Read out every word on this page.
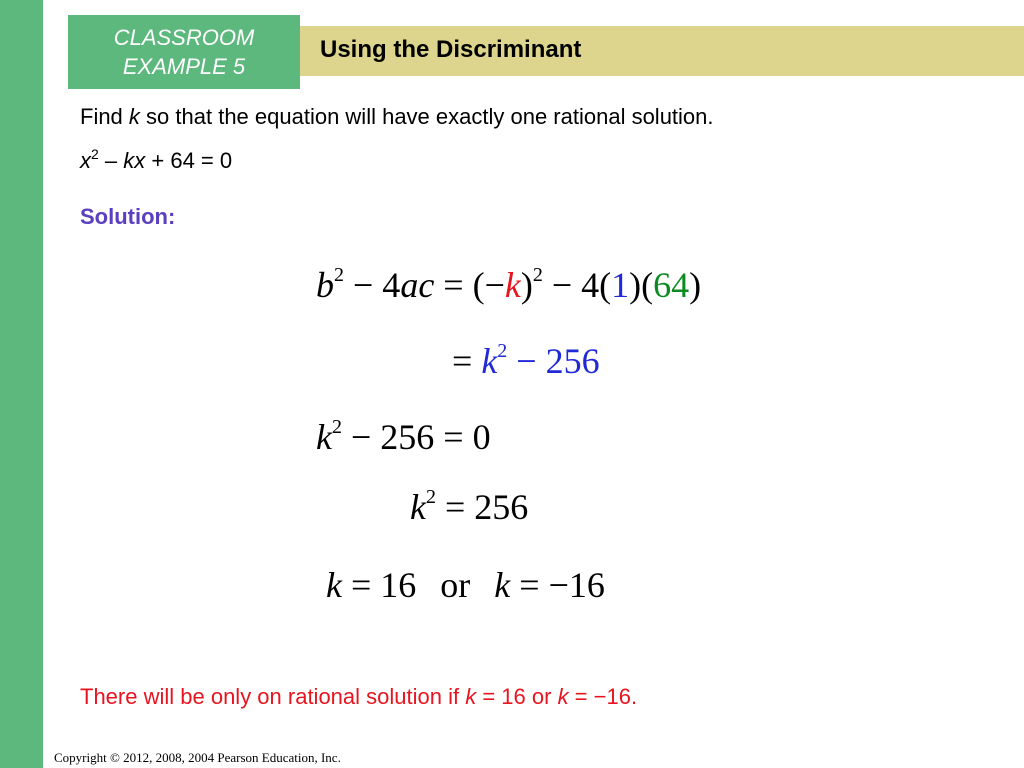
CLASSROOM
EXAMPLE 5
Using the Discriminant
Find k so that the equation will have exactly one rational solution.
$x^2$ – kx + 64 = 0
Solution:
$b^2 - 4ac = (-k)^2 - 4(1)(64)$
= $k^2 - 256$
$k^2 - 256 = 0$
$k^2 = 256$
k = 16 or k = −16
There will be only on rational solution if k = 16 or k = −16.
Copyright © 2012, 2008, 2004 Pearson Education, Inc.
